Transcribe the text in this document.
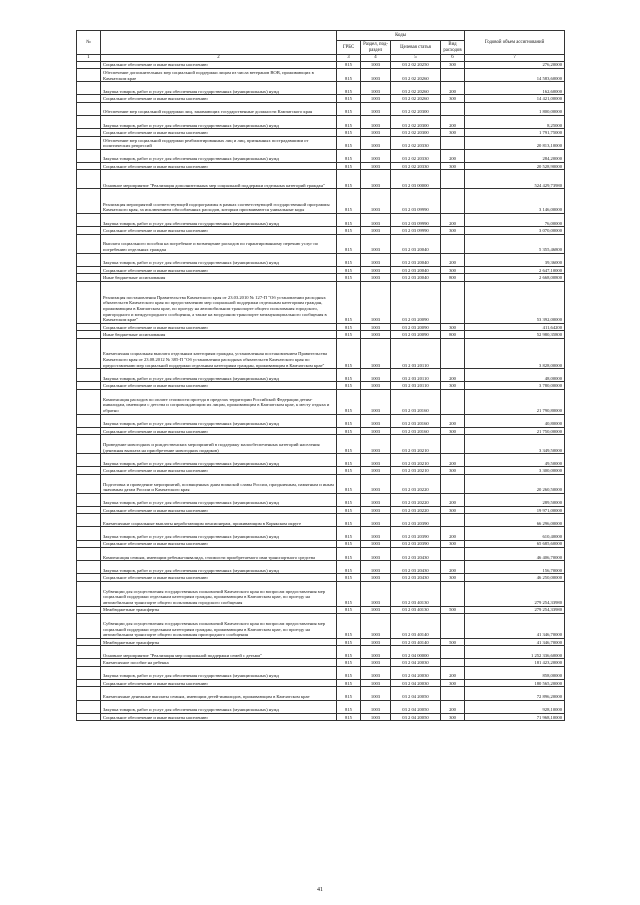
№		Коды				Годовой объем ассигнований
		ГРБС	Раздел, под-раздел	Целевая статья	Вид расходов	
1	2	3	4	5	6	7
	Социальное обеспечение и иные выплаты населению	815	1003	03 2 02 20250	300	276,20000
	Обеспечение дополнительных мер социальной поддержки лицам из числа ветеранов ВОВ, проживающих в Камчатском крае	815	1003	03 2 02 20260		14 583,60000
	Закупка товаров, работ и услуг для обеспечения государственных (муниципальных) нужд	815	1003	03 2 02 20260	200	162,60000
	Социальное обеспечение и иные выплаты населению	815	1003	03 2 02 20260	300	14 421,00000
	Обеспечение мер социальной поддержки лиц, занимающих государственные должности Камчатского края	815	1003	03 2 02 20300		1 800,00000
	Закупка товаров, работ и услуг для обеспечения государственных (муниципальных) нужд	815	1003	03 2 02 20300	200	8,25000
	Социальное обеспечение и иные выплаты населению	815	1003	03 2 02 20300	300	1 791,75000
	Обеспечение мер социальной поддержки реабилитированных лиц и лиц, признанных пострадавшими от политических репрессий	815	1003	03 2 02 20330		20 813,10000
	Закупка товаров, работ и услуг для обеспечения государственных (муниципальных) нужд	815	1003	03 2 02 20330	200	284,20000
	Социальное обеспечение и иные выплаты населению	815	1003	03 2 02 20330	300	20 528,90000
	Основное мероприятие "Реализация дополнительных мер социальной поддержки отдельных категорий граждан"	815	1003	03 2 03 00000		524 429,73980
	Реализация мероприятий соответствующей подпрограммы в рамках соответствующей государственной программы Камчатского края, за исключением обособленных расходов, которым присваиваются уникальные коды	815	1003	03 2 03 09990		3 146,00000
	Закупка товаров, работ и услуг для обеспечения государственных (муниципальных) нужд	815	1003	03 2 03 09990	200	76,00000
	Социальное обеспечение и иные выплаты населению	815	1003	03 2 03 09990	300	3 070,00000
	Выплата социального пособия на погребение и возмещение расходов по гарантированному перечню услуг по погребению отдельных граждан	815	1003	03 2 03 20040		5 355,46800
	Закупка товаров, работ и услуг для обеспечения государственных (муниципальных) нужд	815	1003	03 2 03 20040	200	39,36000
	Социальное обеспечение и иные выплаты населению	815	1003	03 2 03 20040	300	2 647,10000
	Иные бюджетные ассигнования	815	1003	03 2 03 20040	800	2 668,00800
	Реализация постановления Правительства Камчатского края от 23.03.2010 № 127-П "Об установлении расходных обязательств Камчатского края по предоставлению мер социальной поддержки отдельным категориям граждан, проживающим в Камчатском крае, по проезду на автомобильном транспорте общего пользования городского, пригородного и междугородного сообщения, а также на воздушном транспорте межмуниципального сообщения в Камчатском крае"	815	1003	03 2 03 20090		53 392,00000
	Социальное обеспечение и иные выплаты населению	815	1003	03 2 03 20090	300	411,64200
	Иные бюджетные ассигнования	815	1003	03 2 03 20090	800	52 980,35800
	Ежемесячная социальная выплата отдельным категориям граждан, установленная постановлением Правительства Камчатского края от 23.08.2012 № 385-П "Об установлении расходных обязательств Камчатского края по предоставлению мер социальной поддержки отдельным категориям граждан, проживающим в Камчатском крае"	815	1003	03 2 03 20110		3 828,00000
	Закупка товаров, работ и услуг для обеспечения государственных (муниципальных) нужд	815	1003	03 2 03 20110	200	48,00000
	Социальное обеспечение и иные выплаты населению	815	1003	03 2 03 20110	300	3 780,00000
	Компенсация расходов по оплате стоимости проезда в пределах территории Российской Федерации детям-инвалидам, имеющим с детства и сопровождающим их лицам, проживающим в Камчатском крае, к месту отдыха и обратно	815	1003	03 2 03 20160		21 790,80000
	Закупка товаров, работ и услуг для обеспечения государственных (муниципальных) нужд	815	1003	03 2 03 20160	200	40,80000
	Социальное обеспечение и иные выплаты населению	815	1003	03 2 03 20160	300	21 750,00000
	Проведение новогодних и рождественских мероприятий в поддержку малообеспеченных категорий населения (денежная выплата на приобретение новогодних подарков)	815	1003	03 2 03 20210		3 349,50000
	Закупка товаров, работ и услуг для обеспечения государственных (муниципальных) нужд	815	1003	03 2 03 20210	200	49,50000
	Социальное обеспечение и иные выплаты населению	815	1003	03 2 03 20210	300	3 300,00000
	Подготовка и проведение мероприятий, посвященных дням воинской славы России, праздничным, памятным и иным значимым датам России и Камчатского края	815	1003	03 2 03 20220		20 260,50000
	Закупка товаров, работ и услуг для обеспечения государственных (муниципальных) нужд	815	1003	03 2 03 20220	200	289,50000
	Социальное обеспечение и иные выплаты населению	815	1003	03 2 03 20220	300	19 971,00000
	Ежемесячные социальные выплаты неработающим пенсионерам, проживающим в Корякском округе	815	1003	03 2 03 20390		66 296,00000
	Закупка товаров, работ и услуг для обеспечения государственных (муниципальных) нужд	815	1003	03 2 03 20390	200	610,40000
	Социальное обеспечение и иные выплаты населению	815	1003	03 2 03 20390	300	65 685,60000
	Компенсация семьям, имеющим ребенка-инвалида, стоимости приобретаемого ими транспортного средства	815	1003	03 2 03 20430		46 406,70000
	Закупка товаров, работ и услуг для обеспечения государственных (муниципальных) нужд	815	1003	03 2 03 20430	200	156,70000
	Социальное обеспечение и иные выплаты населению	815	1003	03 2 03 20430	300	46 250,00000
	Субвенции для осуществления государственных полномочий Камчатского края по вопросам предоставления мер социальной поддержки отдельным категориям граждан, проживающим в Камчатском крае, по проезду на автомобильном транспорте общего пользования городского сообщения	815	1003	03 2 03 40130		279 254,33980
	Межбюджетные трансферты	815	1003	03 2 03 40130	500	279 254,33980
	Субвенции для осуществления государственных полномочий Камчатского края по вопросам предоставления мер социальной поддержки отдельным категориям граждан, проживающим в Камчатском крае, по проезду на автомобильном транспорте общего пользования пригородного сообщения	815	1003	03 2 03 40140		41 346,70000
	Межбюджетные трансферты	815	1003	03 2 03 40140	500	41 346,70000
	Основное мероприятие "Реализация мер социальной поддержки семей с детьми"	815	1003	03 2 04 00000		1 252 336,60000
	Ежемесячное пособие на ребенка	815	1003	03 2 04 20030		181 423,20000
	Закупка товаров, работ и услуг для обеспечения государственных (муниципальных) нужд	815	1003	03 2 04 20030	200	858,00000
	Социальное обеспечение и иные выплаты населению	815	1003	03 2 04 20030	300	180 565,20000
	Ежемесячные денежные выплаты семьям, имеющим детей-инвалидов, проживающим в Камчатском крае	815	1003	03 2 04 20050		72 896,20000
	Закупка товаров, работ и услуг для обеспечения государственных (муниципальных) нужд	815	1003	03 2 04 20050	200	928,10000
	Социальное обеспечение и иные выплаты населению	815	1003	03 2 04 20050	300	71 968,10000
41
